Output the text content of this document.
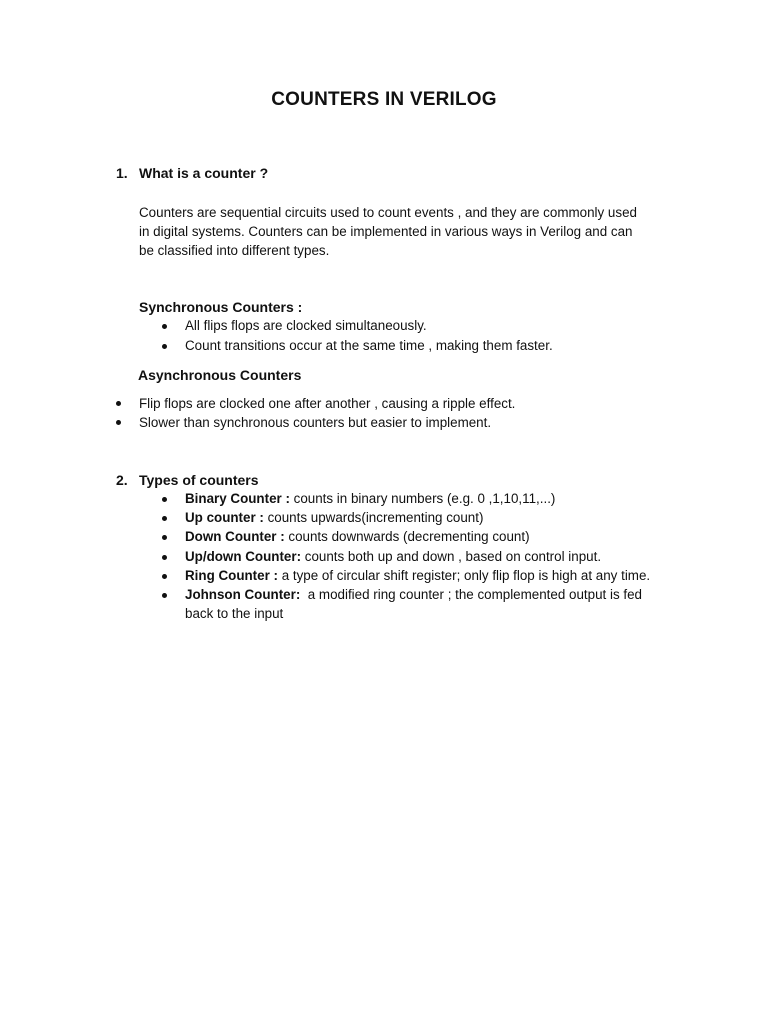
COUNTERS IN VERILOG
1. What is a counter ?
Counters are sequential circuits used to count events , and they are commonly used
in digital systems. Counters can be implemented in various ways in Verilog and can
be classified into different types.
Synchronous Counters :
All flips flops are clocked simultaneously.
Count transitions occur at the same time , making them faster.
Asynchronous Counters
Flip flops are clocked one after another , causing a ripple effect.
Slower than synchronous counters but easier to implement.
2. Types of counters
Binary Counter : counts in binary numbers (e.g. 0 ,1,10,11,...)
Up counter : counts upwards(incrementing count)
Down Counter : counts downwards (decrementing count)
Up/down Counter: counts both up and down , based on control input.
Ring Counter : a type of circular shift register; only flip flop is high at any time.
Johnson Counter:  a modified ring counter ; the complemented output is fed
back to the input
